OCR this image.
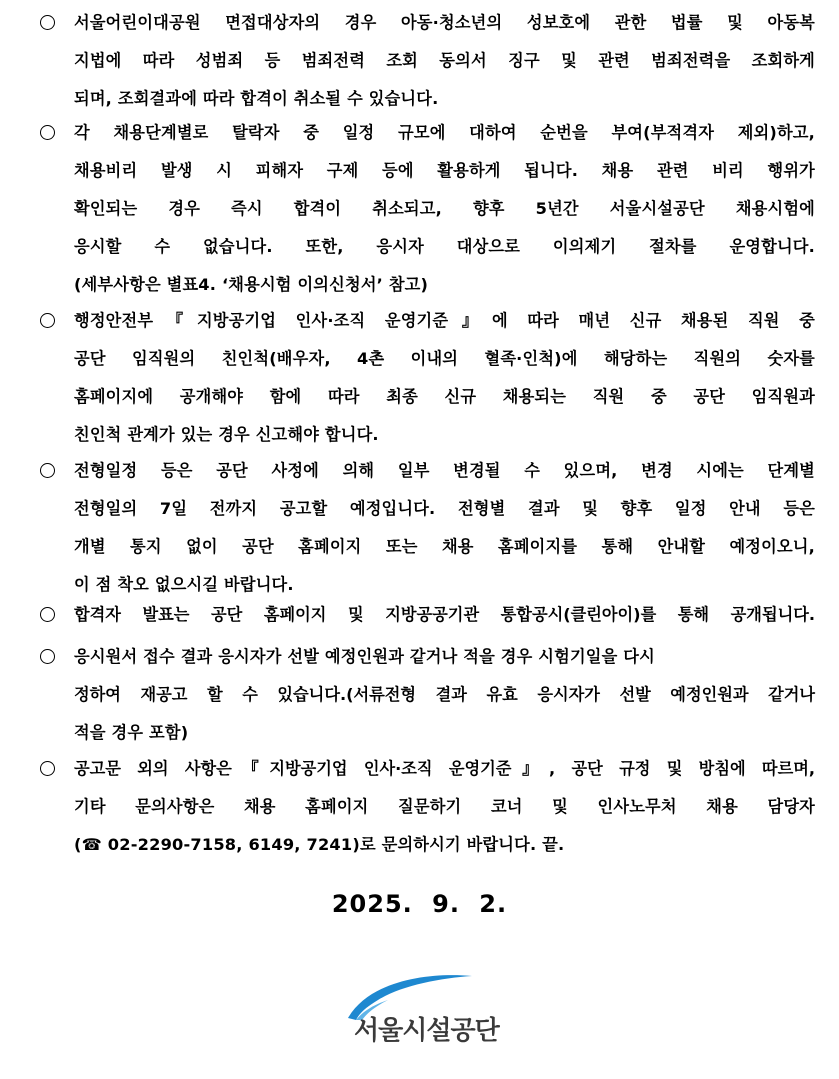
서울어린이대공원 면접대상자의 경우 아동·청소년의 성보호에 관한 법률 및 아동복
지법에 따라 성범죄 등 범죄전력 조회 동의서 징구 및 관련 범죄전력을 조회하게
되며, 조회결과에 따라 합격이 취소될 수 있습니다.
각 채용단계별로 탈락자 중 일정 규모에 대하여 순번을 부여(부적격자 제외)하고,
채용비리 발생 시 피해자 구제 등에 활용하게 됩니다. 채용 관련 비리 행위가
확인되는 경우 즉시 합격이 취소되고, 향후 5년간 서울시설공단 채용시험에
응시할 수 없습니다. 또한, 응시자 대상으로 이의제기 절차를 운영합니다.
(세부사항은 별표4. ‘채용시험 이의신청서’ 참고)
행정안전부『지방공기업 인사·조직 운영기준』에 따라 매년 신규 채용된 직원 중
공단 임직원의 친인척(배우자, 4촌 이내의 혈족·인척)에 해당하는 직원의 숫자를
홈페이지에 공개해야 함에 따라 최종 신규 채용되는 직원 중 공단 임직원과
친인척 관계가 있는 경우 신고해야 합니다.
전형일정 등은 공단 사정에 의해 일부 변경될 수 있으며, 변경 시에는 단계별
전형일의 7일 전까지 공고할 예정입니다. 전형별 결과 및 향후 일정 안내 등은
개별 통지 없이 공단 홈페이지 또는 채용 홈페이지를 통해 안내할 예정이오니,
이 점 착오 없으시길 바랍니다.
합격자 발표는 공단 홈페이지 및 지방공공기관 통합공시(클린아이)를 통해 공개됩니다.
응시원서 접수 결과 응시자가 선발 예정인원과 같거나 적을 경우 시험기일을 다시
정하여 재공고 할 수 있습니다.(서류전형 결과 유효 응시자가 선발 예정인원과 같거나
적을 경우 포함)
공고문 외의 사항은『지방공기업 인사·조직 운영기준』, 공단 규정 및 방침에 따르며,
기타 문의사항은 채용 홈페이지 질문하기 코너 및 인사노무처 채용 담당자
(☎ 02-2290-7158, 6149, 7241)로 문의하시기 바랍니다. 끝.
2025. 9. 2.
서울시설공단
